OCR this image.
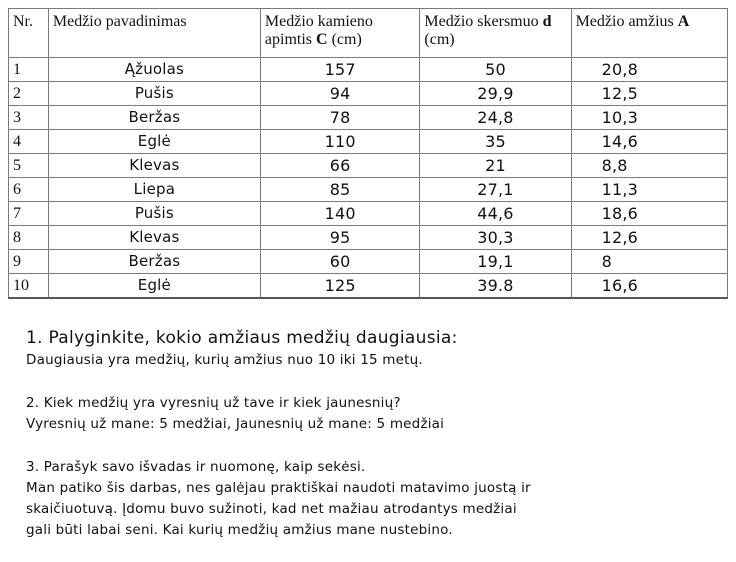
Nr.	Medžio pavadinimas	Medžio kamieno apimtis C (cm)	Medžio skersmuo d (cm)	Medžio amžius A
1	Ąžuolas	157	50	20,8
2	Pušis	94	29,9	12,5
3	Beržas	78	24,8	10,3
4	Eglė	110	35	14,6
5	Klevas	66	21	8,8
6	Liepa	85	27,1	11,3
7	Pušis	140	44,6	18,6
8	Klevas	95	30,3	12,6
9	Beržas	60	19,1	8
10	Eglė	125	39.8	16,6

1. Palyginkite, kokio amžiaus medžių daugiausia:

Daugiausia yra medžių, kurių amžius nuo 10 iki 15 metų.

2. Kiek medžių yra vyresnių už tave ir kiek jaunesnių?

Vyresnių už mane: 5 medžiai, Jaunesnių už mane: 5 medžiai

3. Parašyk savo išvadas ir nuomonę, kaip sekėsi.

Man patiko šis darbas, nes galėjau praktiškai naudoti matavimo juostą ir

skaičiuotuvą. Įdomu buvo sužinoti, kad net mažiau atrodantys medžiai

gali būti labai seni. Kai kurių medžių amžius mane nustebino.
